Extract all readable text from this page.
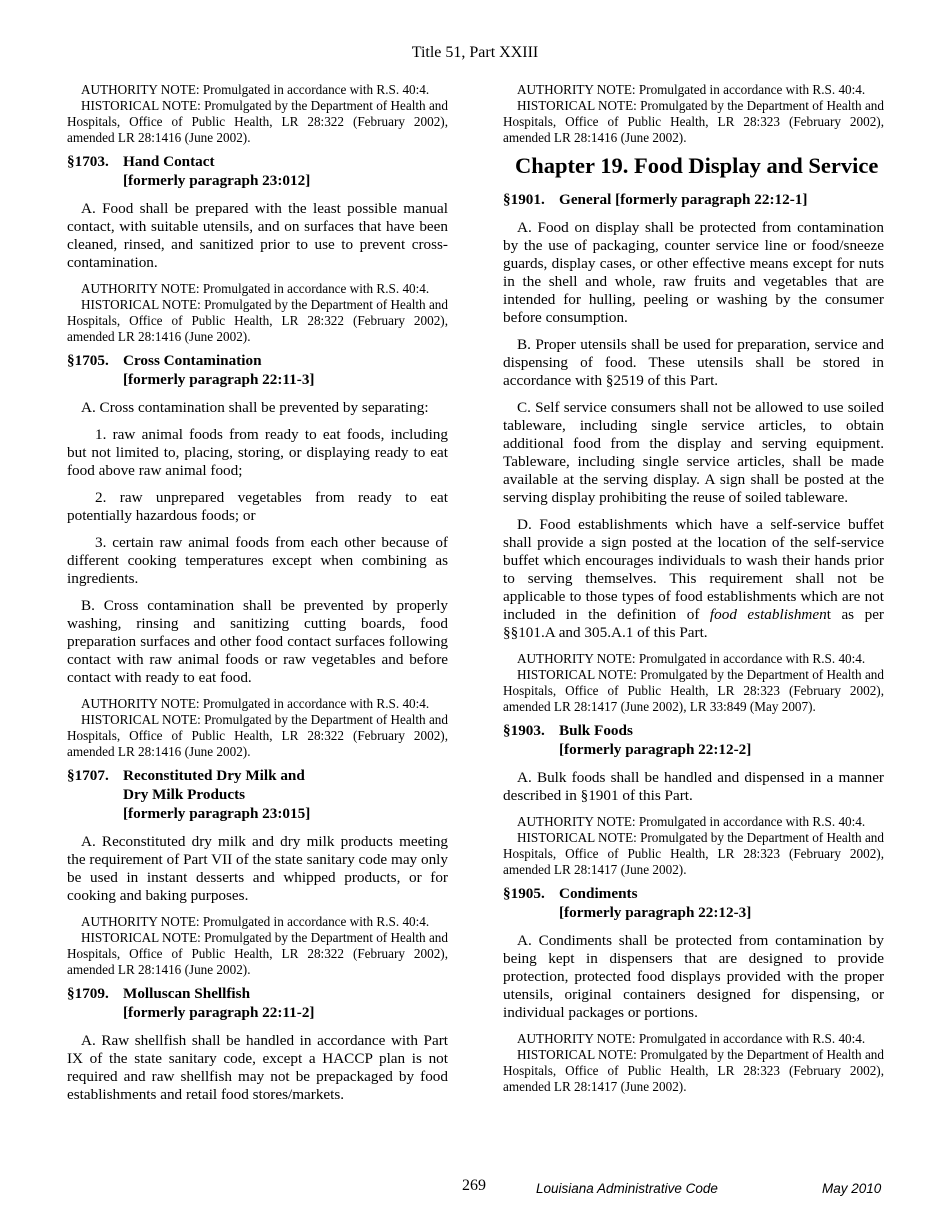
Title 51, Part XXIII

AUTHORITY NOTE: Promulgated in accordance with R.S. 40:4.

HISTORICAL NOTE: Promulgated by the Department of Health and Hospitals, Office of Public Health, LR 28:322 (February 2002), amended LR 28:1416 (June 2002).

§1703. Hand Contact
[formerly paragraph 23:012]

A. Food shall be prepared with the least possible manual contact, with suitable utensils, and on surfaces that have been cleaned, rinsed, and sanitized prior to use to prevent cross-contamination.

AUTHORITY NOTE: Promulgated in accordance with R.S. 40:4.

HISTORICAL NOTE: Promulgated by the Department of Health and Hospitals, Office of Public Health, LR 28:322 (February 2002), amended LR 28:1416 (June 2002).

§1705. Cross Contamination
[formerly paragraph 22:11-3]

A. Cross contamination shall be prevented by separating:

1. raw animal foods from ready to eat foods, including but not limited to, placing, storing, or displaying ready to eat food above raw animal food;

2. raw unprepared vegetables from ready to eat potentially hazardous foods; or

3. certain raw animal foods from each other because of different cooking temperatures except when combining as ingredients.

B. Cross contamination shall be prevented by properly washing, rinsing and sanitizing cutting boards, food preparation surfaces and other food contact surfaces following contact with raw animal foods or raw vegetables and before contact with ready to eat food.

AUTHORITY NOTE: Promulgated in accordance with R.S. 40:4.

HISTORICAL NOTE: Promulgated by the Department of Health and Hospitals, Office of Public Health, LR 28:322 (February 2002), amended LR 28:1416 (June 2002).

§1707. Reconstituted Dry Milk and
Dry Milk Products
[formerly paragraph 23:015]

A. Reconstituted dry milk and dry milk products meeting the requirement of Part VII of the state sanitary code may only be used in instant desserts and whipped products, or for cooking and baking purposes.

AUTHORITY NOTE: Promulgated in accordance with R.S. 40:4.

HISTORICAL NOTE: Promulgated by the Department of Health and Hospitals, Office of Public Health, LR 28:322 (February 2002), amended LR 28:1416 (June 2002).

§1709. Molluscan Shellfish
[formerly paragraph 22:11-2]

A. Raw shellfish shall be handled in accordance with Part IX of the state sanitary code, except a HACCP plan is not required and raw shellfish may not be prepackaged by food establishments and retail food stores/markets.

AUTHORITY NOTE: Promulgated in accordance with R.S. 40:4.

HISTORICAL NOTE: Promulgated by the Department of Health and Hospitals, Office of Public Health, LR 28:323 (February 2002), amended LR 28:1416 (June 2002).

Chapter 19. Food Display and Service
§1901. General [formerly paragraph 22:12-1]

A. Food on display shall be protected from contamination by the use of packaging, counter service line or food/sneeze guards, display cases, or other effective means except for nuts in the shell and whole, raw fruits and vegetables that are intended for hulling, peeling or washing by the consumer before consumption.

B. Proper utensils shall be used for preparation, service and dispensing of food. These utensils shall be stored in accordance with §2519 of this Part.

C. Self service consumers shall not be allowed to use soiled tableware, including single service articles, to obtain additional food from the display and serving equipment. Tableware, including single service articles, shall be made available at the serving display. A sign shall be posted at the serving display prohibiting the reuse of soiled tableware.

D. Food establishments which have a self-service buffet shall provide a sign posted at the location of the self-service buffet which encourages individuals to wash their hands prior to serving themselves. This requirement shall not be applicable to those types of food establishments which are not included in the definition of food establishment as per §§101.A and 305.A.1 of this Part.

AUTHORITY NOTE: Promulgated in accordance with R.S. 40:4.

HISTORICAL NOTE: Promulgated by the Department of Health and Hospitals, Office of Public Health, LR 28:323 (February 2002), amended LR 28:1417 (June 2002), LR 33:849 (May 2007).

§1903. Bulk Foods
[formerly paragraph 22:12-2]

A. Bulk foods shall be handled and dispensed in a manner described in §1901 of this Part.

AUTHORITY NOTE: Promulgated in accordance with R.S. 40:4.

HISTORICAL NOTE: Promulgated by the Department of Health and Hospitals, Office of Public Health, LR 28:323 (February 2002), amended LR 28:1417 (June 2002).

§1905. Condiments
[formerly paragraph 22:12-3]

A. Condiments shall be protected from contamination by being kept in dispensers that are designed to provide protection, protected food displays provided with the proper utensils, original containers designed for dispensing, or individual packages or portions.

AUTHORITY NOTE: Promulgated in accordance with R.S. 40:4.

HISTORICAL NOTE: Promulgated by the Department of Health and Hospitals, Office of Public Health, LR 28:323 (February 2002), amended LR 28:1417 (June 2002).

269	Louisiana Administrative Code	May 2010
